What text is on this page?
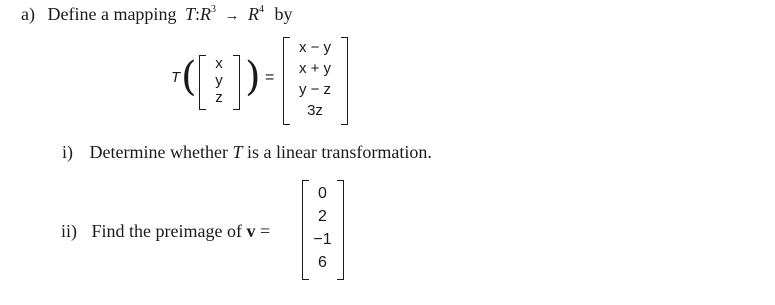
a) Define a mapping $T:R^3 \to R^4$ by
T ( )
x
y
z
=
x − y
x + y
y − z
3z
i) Determine whether T is a linear transformation.
ii) Find the preimage of v =
0
2
−1
6
